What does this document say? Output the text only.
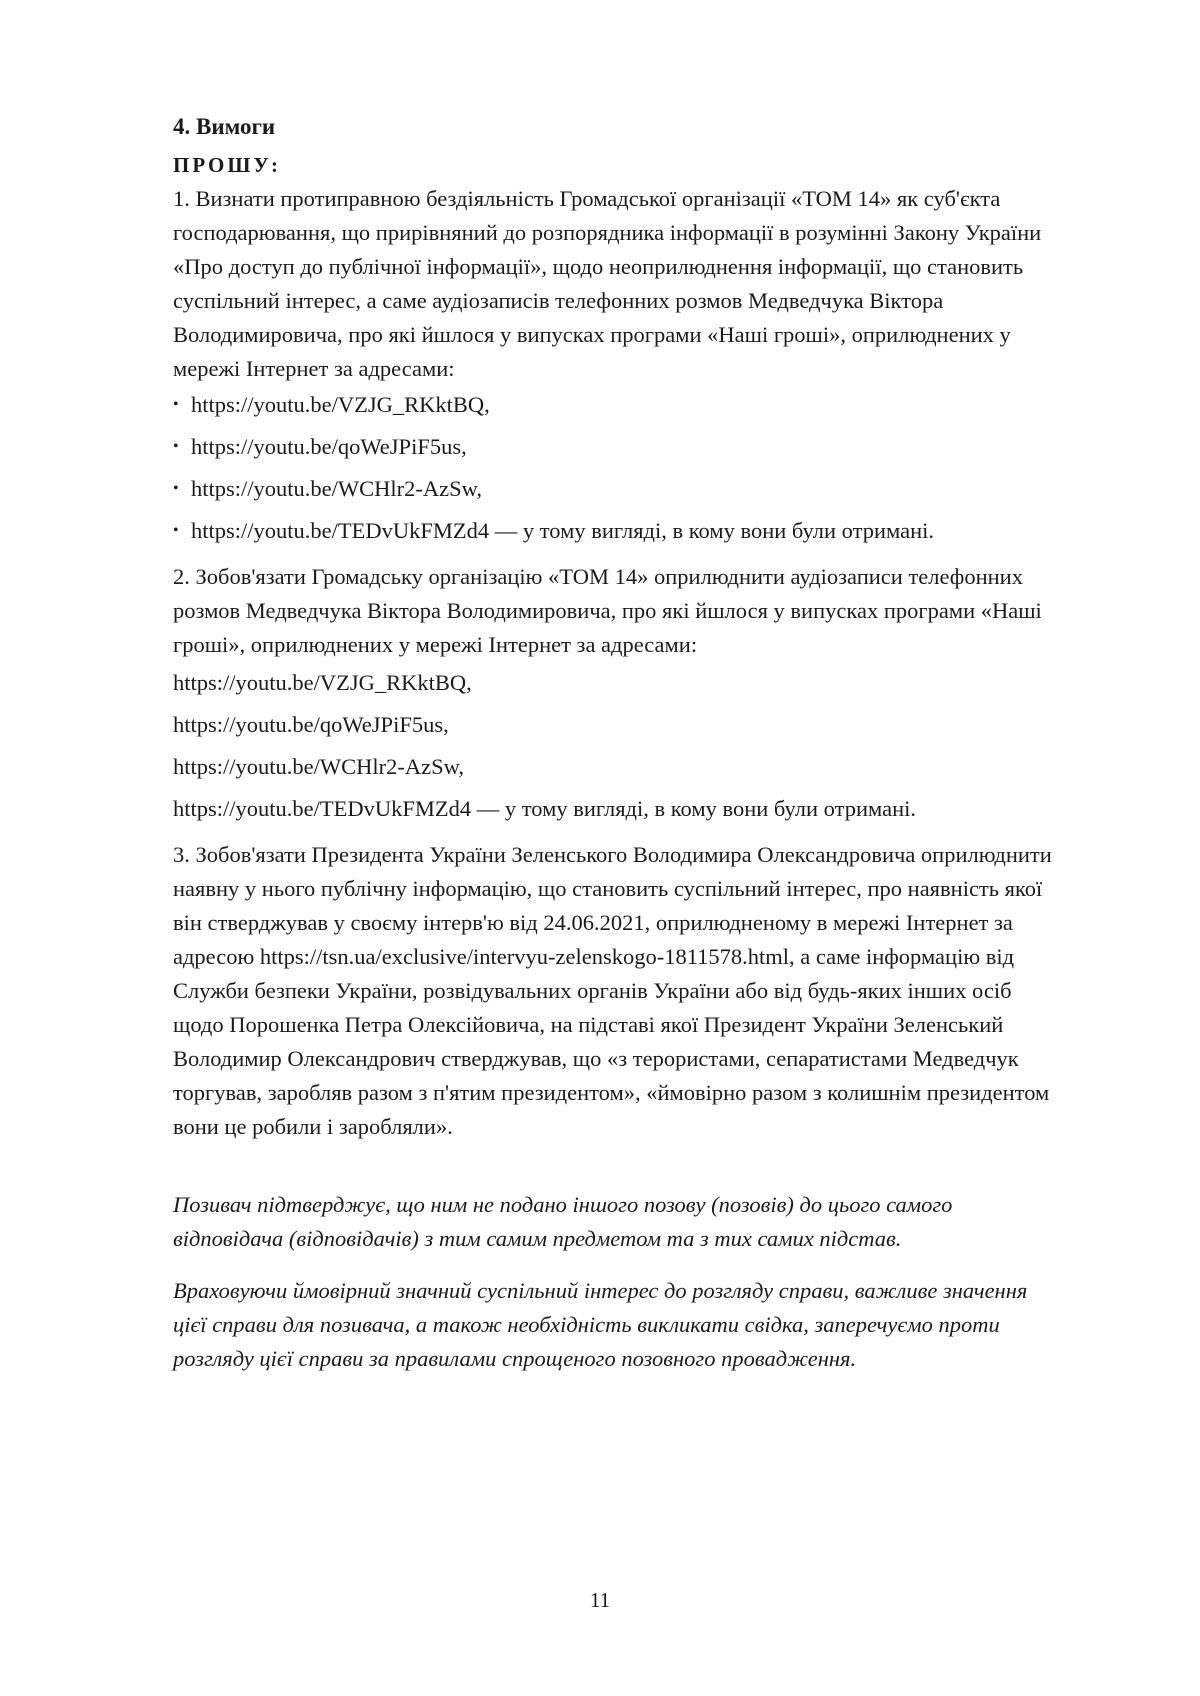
4. Вимоги
ПРОШУ:

1. Визнати протиправною бездіяльність Громадської організації «ТОМ 14» як суб'єкта господарювання, що прирівняний до розпорядника інформації в розумінні Закону України «Про доступ до публічної інформації», щодо неоприлюднення інформації, що становить суспільний інтерес, а саме аудіозаписів телефонних розмов Медведчука Віктора Володимировича, про які йшлося у випусках програми «Наші гроші», оприлюднених у мережі Інтернет за адресами:

• https://youtu.be/VZJG_RKktBQ,
• https://youtu.be/qoWeJPiF5us,
• https://youtu.be/WCHlr2-AzSw,
• https://youtu.be/TEDvUkFMZd4 — у тому вигляді, в кому вони були отримані.

2. Зобов'язати Громадську організацію «ТОМ 14» оприлюднити аудіозаписи телефонних розмов Медведчука Віктора Володимировича, про які йшлося у випусках програми «Наші гроші», оприлюднених у мережі Інтернет за адресами:

https://youtu.be/VZJG_RKktBQ,
https://youtu.be/qoWeJPiF5us,
https://youtu.be/WCHlr2-AzSw,
https://youtu.be/TEDvUkFMZd4 — у тому вигляді, в кому вони були отримані.

3. Зобов'язати Президента України Зеленського Володимира Олександровича оприлюднити наявну у нього публічну інформацію, що становить суспільний інтерес, про наявність якої він стверджував у своєму інтерв'ю від 24.06.2021, оприлюдненому в мережі Інтернет за адресою https://tsn.ua/exclusive/intervyu-zelenskogo-1811578.html, а саме інформацію від Служби безпеки України, розвідувальних органів України або від будь-яких інших осіб щодо Порошенка Петра Олексійовича, на підставі якої Президент України Зеленський Володимир Олександрович стверджував, що «з терористами, сепаратистами Медведчук торгував, заробляв разом з п'ятим президентом», «ймовірно разом з колишнім президентом вони це робили і заробляли».

Позивач підтверджує, що ним не подано іншого позову (позовів) до цього самого відповідача (відповідачів) з тим самим предметом та з тих самих підстав.

Враховуючи ймовірний значний суспільний інтерес до розгляду справи, важливе значення цієї справи для позивача, а також необхідність викликати свідка, заперечуємо проти розгляду цієї справи за правилами спрощеного позовного провадження.

11
